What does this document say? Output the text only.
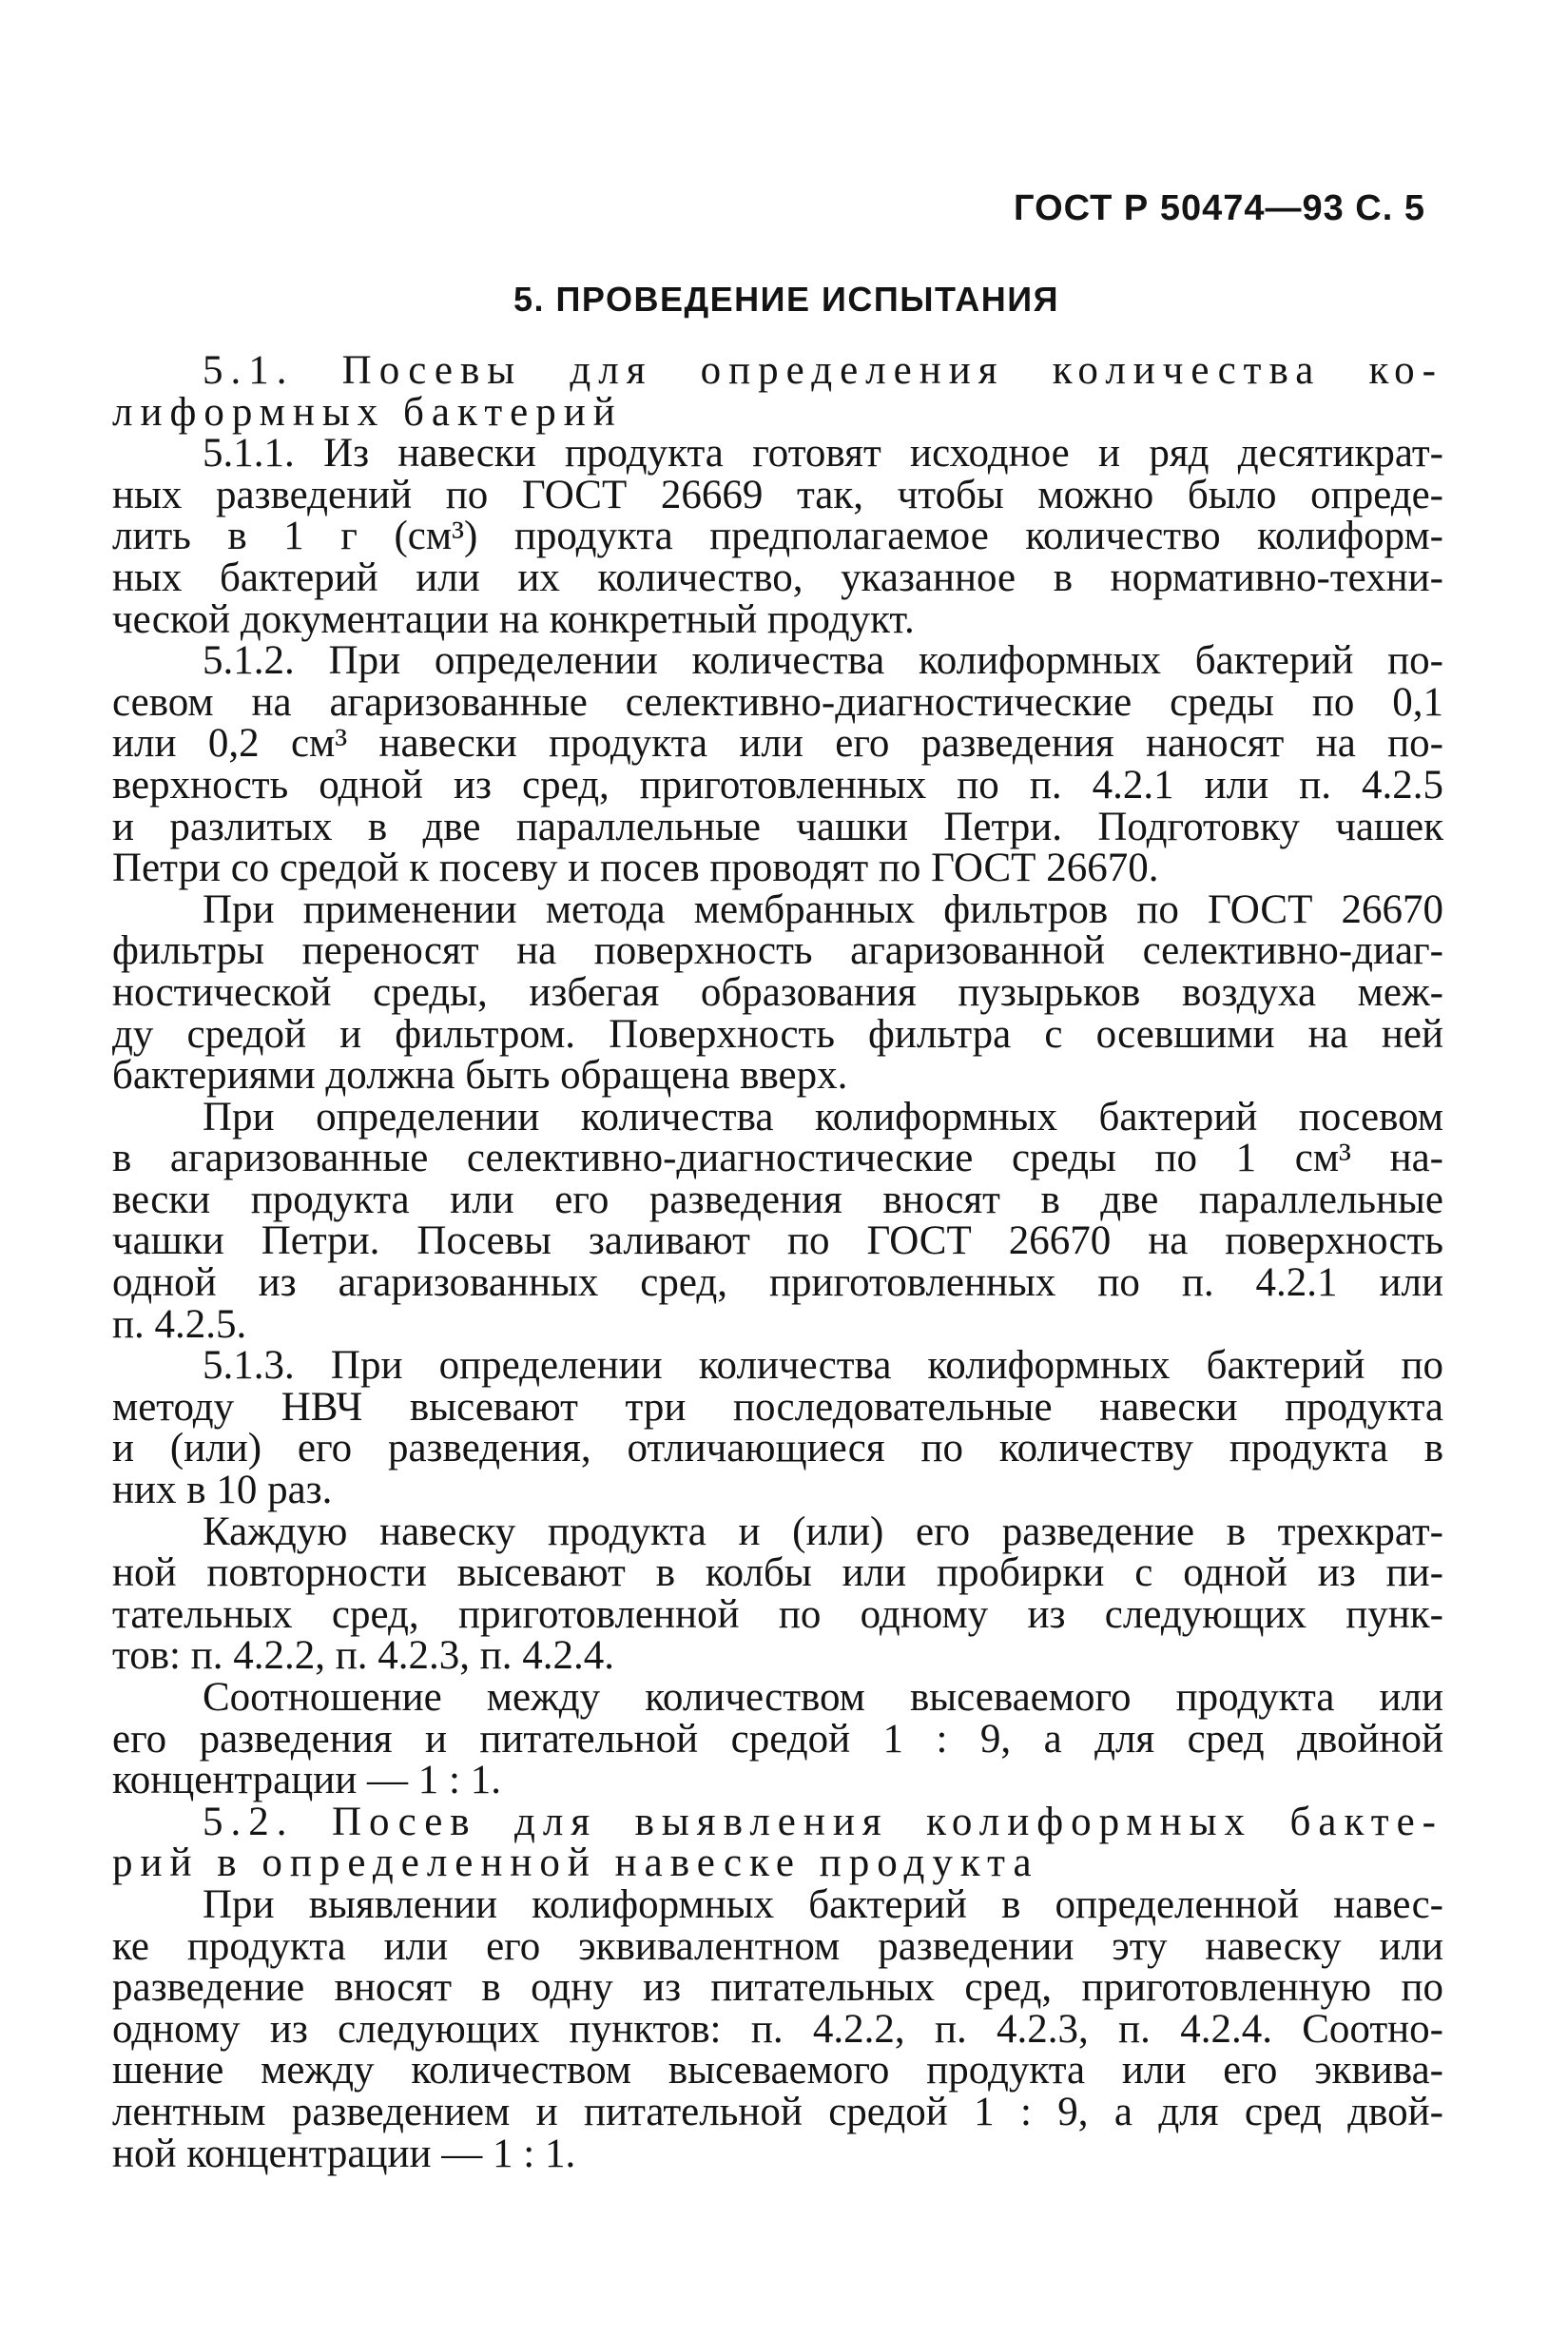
ГОСТ Р 50474—93 С. 5
5. ПРОВЕДЕНИЕ ИСПЫТАНИЯ
5.1. Посевы для определения количества ко-
лиформных бактерий
5.1.1. Из навески продукта готовят исходное и ряд десятикрат-
ных разведений по ГОСТ 26669 так, чтобы можно было опреде-
лить в 1 г (см³) продукта предполагаемое количество колиформ-
ных бактерий или их количество, указанное в нормативно-техни-
ческой документации на конкретный продукт.
5.1.2. При определении количества колиформных бактерий по-
севом на агаризованные селективно-диагностические среды по 0,1
или 0,2 см³ навески продукта или его разведения наносят на по-
верхность одной из сред, приготовленных по п. 4.2.1 или п. 4.2.5
и разлитых в две параллельные чашки Петри. Подготовку чашек
Петри со средой к посеву и посев проводят по ГОСТ 26670.
При применении метода мембранных фильтров по ГОСТ 26670
фильтры переносят на поверхность агаризованной селективно-диаг-
ностической среды, избегая образования пузырьков воздуха меж-
ду средой и фильтром. Поверхность фильтра с осевшими на ней
бактериями должна быть обращена вверх.
При определении количества колиформных бактерий посевом
в агаризованные селективно-диагностические среды по 1 см³ на-
вески продукта или его разведения вносят в две параллельные
чашки Петри. Посевы заливают по ГОСТ 26670 на поверхность
одной из агаризованных сред, приготовленных по п. 4.2.1 или
п. 4.2.5.
5.1.3. При определении количества колиформных бактерий по
методу НВЧ высевают три последовательные навески продукта
и (или) его разведения, отличающиеся по количеству продукта в
них в 10 раз.
Каждую навеску продукта и (или) его разведение в трехкрат-
ной повторности высевают в колбы или пробирки с одной из пи-
тательных сред, приготовленной по одному из следующих пунк-
тов: п. 4.2.2, п. 4.2.3, п. 4.2.4.
Соотношение между количеством высеваемого продукта или
его разведения и питательной средой 1 : 9, а для сред двойной
концентрации — 1 : 1.
5.2. Посев для выявления колиформных бакте-
рий в определенной навеске продукта
При выявлении колиформных бактерий в определенной навес-
ке продукта или его эквивалентном разведении эту навеску или
разведение вносят в одну из питательных сред, приготовленную по
одному из следующих пунктов: п. 4.2.2, п. 4.2.3, п. 4.2.4. Соотно-
шение между количеством высеваемого продукта или его эквива-
лентным разведением и питательной средой 1 : 9, а для сред двой-
ной концентрации — 1 : 1.
